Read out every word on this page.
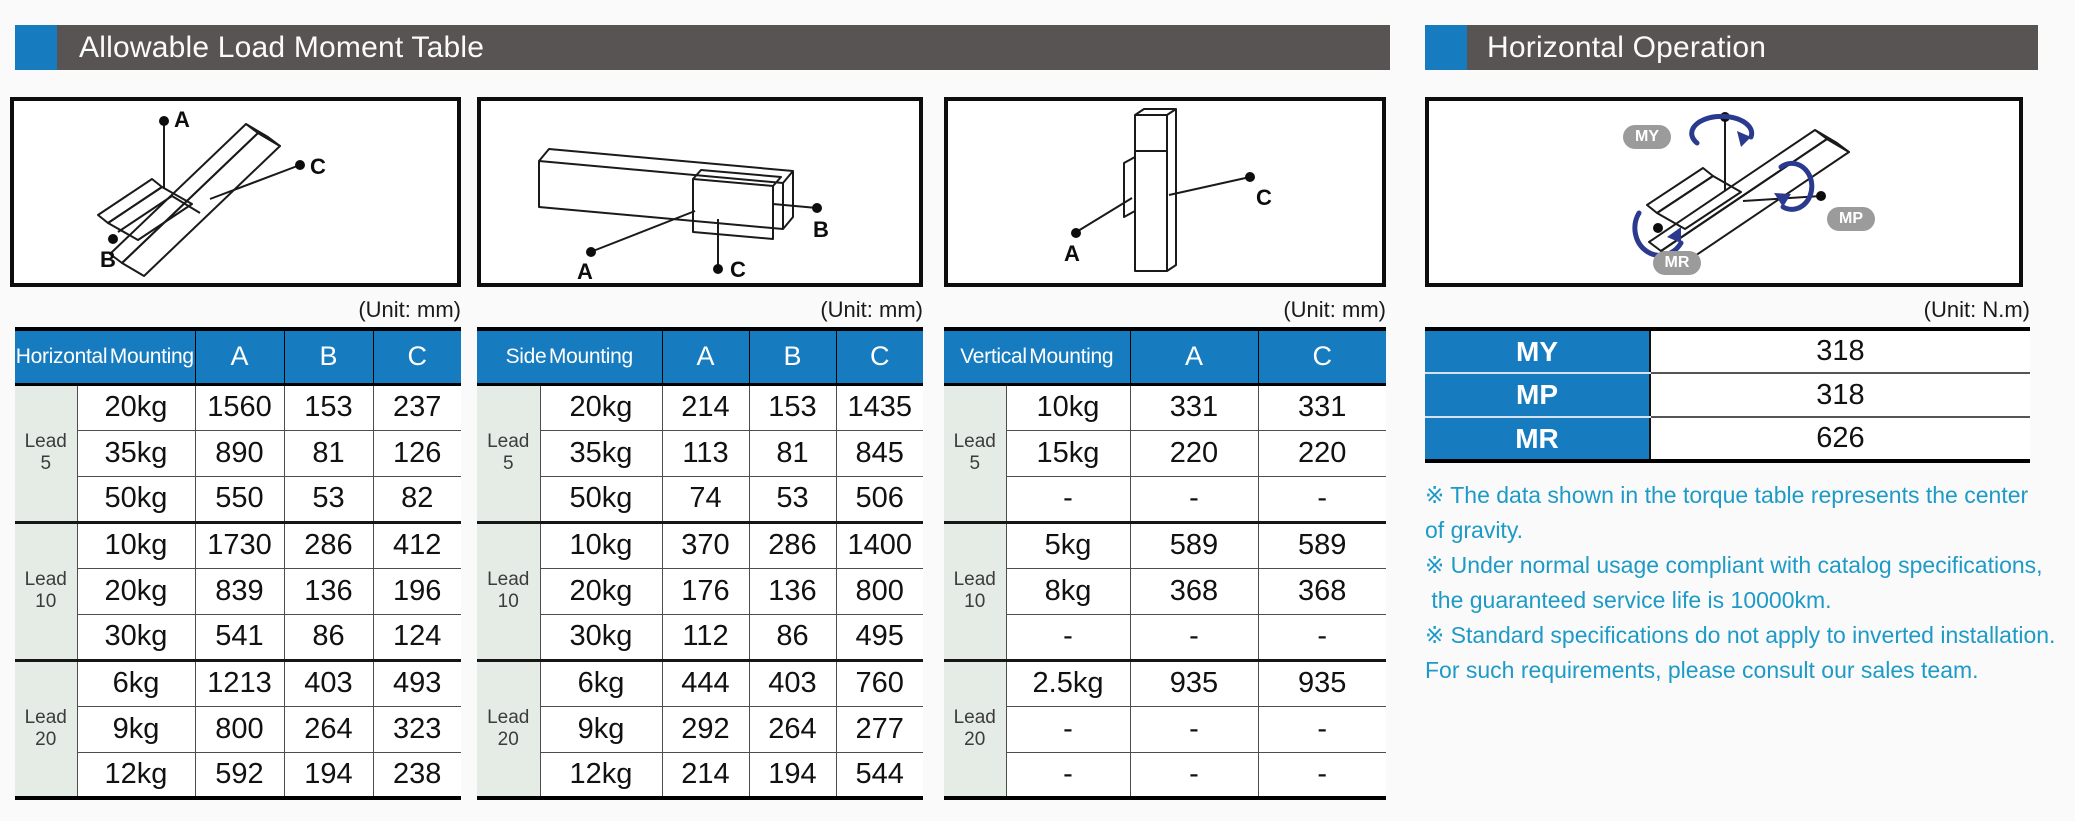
Allowable Load Moment Table	Horizontal Operation
A
B
C
A
B
C
A
C
MY
MP
MR
(Unit: mm)	(Unit: mm)	(Unit: mm)	(Unit: N.m)
Horizontal Mounting		A	B	C

Lead
5	20kg	1560	153	237
	35kg	890	81	126
	50kg	550	53	82

Lead
10	10kg	1730	286	412
	20kg	839	136	196
	30kg	541	86	124

Lead
20	6kg	1213	403	493
	9kg	800	264	323
	12kg	592	194	238
Side Mounting		A	B	C

Lead
5	20kg	214	153	1435
	35kg	113	81	845
	50kg	74	53	506

Lead
10	10kg	370	286	1400
	20kg	176	136	800
	30kg	112	86	495

Lead
20	6kg	444	403	760
	9kg	292	264	277
	12kg	214	194	544
Vertical Mounting		A	C

Lead
5	10kg	331	331
	15kg	220	220
	-	-	-

Lead
10	5kg	589	589
	8kg	368	368
	-	-	-

Lead
20	2.5kg	935	935
	-	-	-
	-	-	-
MY	318
MP	318
MR	626
※ The data shown in the torque table represents the center
of gravity.
※ Under normal usage compliant with catalog specifications,
the guaranteed service life is 10000km.
※ Standard specifications do not apply to inverted installation.
For such requirements, please consult our sales team.
